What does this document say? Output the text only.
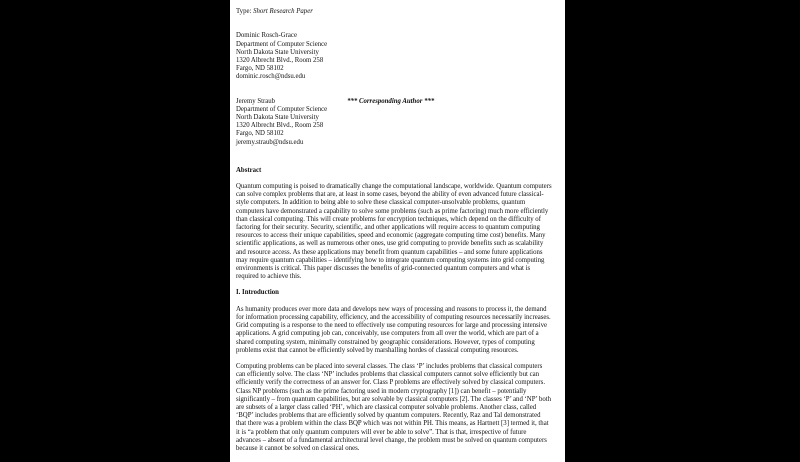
Type: Short Research Paper
Dominic Rosch-Grace
Department of Computer Science
North Dakota State University
1320 Albrecht Blvd., Room 258
Fargo, ND 58102
dominic.rosch@ndsu.edu
Jeremy Straub	*** Corresponding Author ***
Department of Computer Science
North Dakota State University
1320 Albrecht Blvd., Room 258
Fargo, ND 58102
jeremy.straub@ndsu.edu
Abstract
Quantum computing is poised to dramatically change the computational landscape, worldwide. Quantum computers
can solve complex problems that are, at least in some cases, beyond the ability of even advanced future classical-
style computers. In addition to being able to solve these classical computer-unsolvable problems, quantum
computers have demonstrated a capability to solve some problems (such as prime factoring) much more efficiently
than classical computing. This will create problems for encryption techniques, which depend on the difficulty of
factoring for their security. Security, scientific, and other applications will require access to quantum computing
resources to access their unique capabilities, speed and economic (aggregate computing time cost) benefits. Many
scientific applications, as well as numerous other ones, use grid computing to provide benefits such as scalability
and resource access. As these applications may benefit from quantum capabilities – and some future applications
may require quantum capabilities – identifying how to integrate quantum computing systems into grid computing
environments is critical. This paper discusses the benefits of grid-connected quantum computers and what is
required to achieve this.
I. Introduction
As humanity produces ever more data and develops new ways of processing and reasons to process it, the demand
for information processing capability, efficiency, and the accessibility of computing resources necessarily increases.
Grid computing is a response to the need to effectively use computing resources for large and processing intensive
applications. A grid computing job can, conceivably, use computers from all over the world, which are part of a
shared computing system, minimally constrained by geographic considerations. However, types of computing
problems exist that cannot be efficiently solved by marshalling hordes of classical computing resources.
Computing problems can be placed into several classes. The class ‘P’ includes problems that classical computers
can efficiently solve. The class ‘NP’ includes problems that classical computers cannot solve efficiently but can
efficiently verify the correctness of an answer for. Class P problems are effectively solved by classical computers.
Class NP problems (such as the prime factoring used in modern cryptography [1]) can benefit – potentially
significantly – from quantum capabilities, but are solvable by classical computers [2]. The classes ‘P’ and ‘NP’ both
are subsets of a larger class called ‘PH’, which are classical computer solvable problems. Another class, called
‘BQP’ includes problems that are efficiently solved by quantum computers. Recently, Raz and Tal demonstrated
that there was a problem within the class BQP which was not within PH. This means, as Hartnett [3] termed it, that
it is “a problem that only quantum computers will ever be able to solve”. That is that, irrespective of future
advances – absent of a fundamental architectural level change, the problem must be solved on quantum computers
because it cannot be solved on classical ones.
